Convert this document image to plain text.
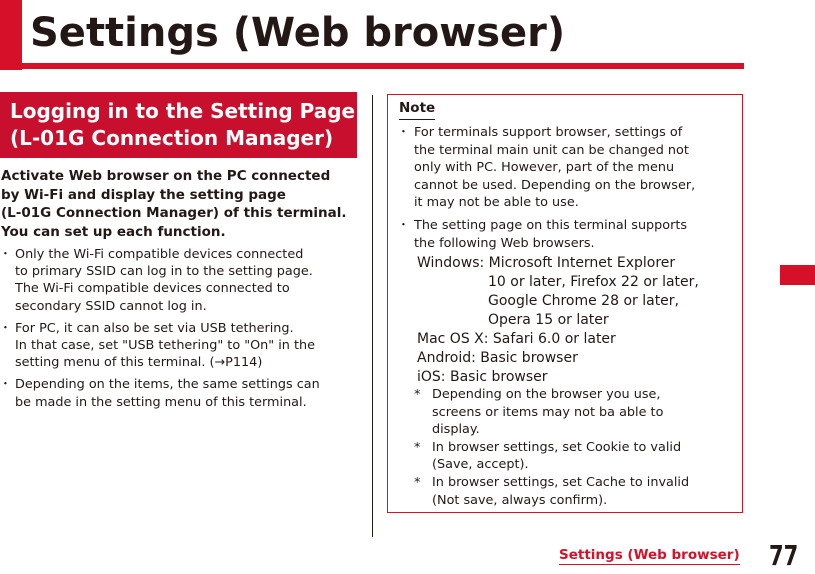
Settings (Web browser)
Logging in to the Setting Page
(L-01G Connection Manager)

Activate Web browser on the PC connected
by Wi-Fi and display the setting page
(L-01G Connection Manager) of this terminal.
You can set up each function.

・ Only the Wi-Fi compatible devices connected
to primary SSID can log in to the setting page.
The Wi-Fi compatible devices connected to
secondary SSID cannot log in.
・ For PC, it can also be set via USB tethering.
In that case, set "USB tethering" to "On" in the
setting menu of this terminal. (→P114)
・ Depending on the items, the same settings can
be made in the setting menu of this terminal.
Note
・ For terminals support browser, settings of
the terminal main unit can be changed not
only with PC. However, part of the menu
cannot be used. Depending on the browser,
it may not be able to use.
・ The setting page on this terminal supports
the following Web browsers.
Windows: Microsoft Internet Explorer
10 or later, Firefox 22 or later,
Google Chrome 28 or later,
Opera 15 or later
Mac OS X: Safari 6.0 or later
Android: Basic browser
iOS: Basic browser
* Depending on the browser you use,
screens or items may not ba able to
display.
* In browser settings, set Cookie to valid
(Save, accept).
* In browser settings, set Cache to invalid
(Not save, always confirm).
Settings (Web browser) 77
